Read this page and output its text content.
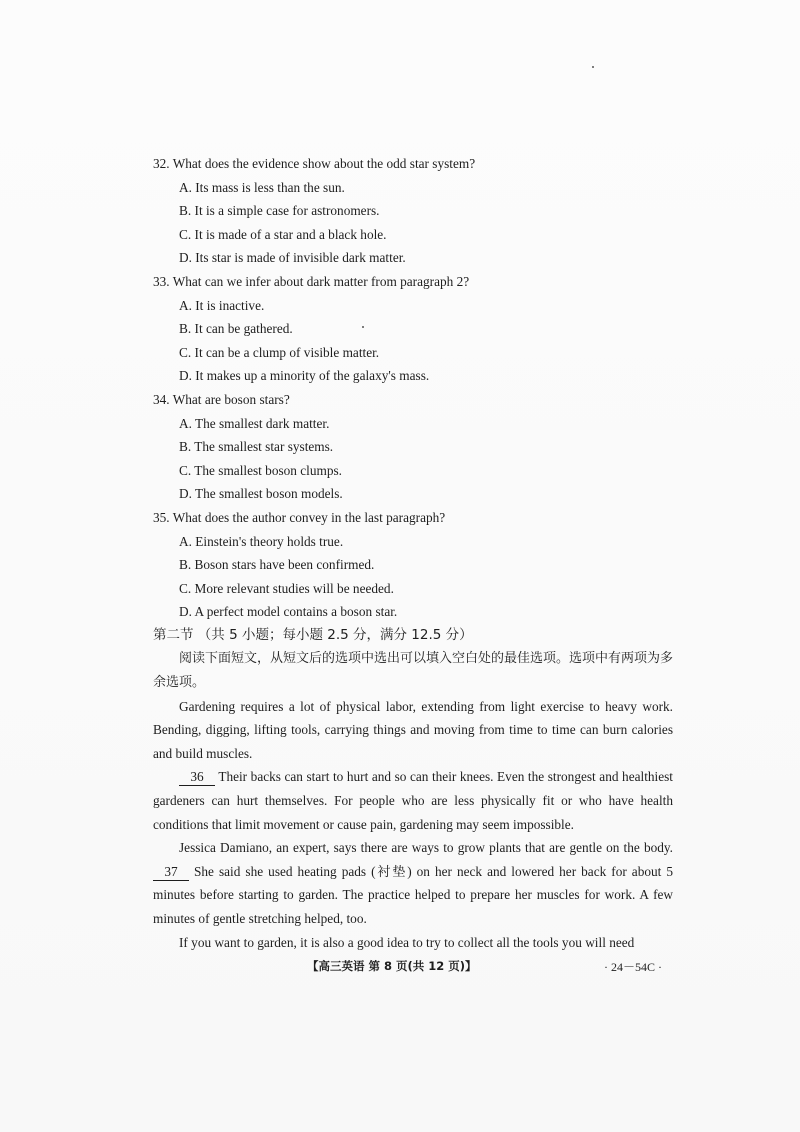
32. What does the evidence show about the odd star system?
A. Its mass is less than the sun.
B. It is a simple case for astronomers.
C. It is made of a star and a black hole.
D. Its star is made of invisible dark matter.
33. What can we infer about dark matter from paragraph 2?
A. It is inactive.
B. It can be gathered.
C. It can be a clump of visible matter.
D. It makes up a minority of the galaxy's mass.
34. What are boson stars?
A. The smallest dark matter.
B. The smallest star systems.
C. The smallest boson clumps.
D. The smallest boson models.
35. What does the author convey in the last paragraph?
A. Einstein's theory holds true.
B. Boson stars have been confirmed.
C. More relevant studies will be needed.
D. A perfect model contains a boson star.
第二节 （共 5 小题；每小题 2.5 分，满分 12.5 分）
阅读下面短文，从短文后的选项中选出可以填入空白处的最佳选项。选项中有两项为多余选项。
Gardening requires a lot of physical labor, extending from light exercise to heavy work. Bending, digging, lifting tools, carrying things and moving from time to time can burn calories and build muscles.
36 Their backs can start to hurt and so can their knees. Even the strongest and healthiest gardeners can hurt themselves. For people who are less physically fit or who have health conditions that limit movement or cause pain, gardening may seem impossible.
Jessica Damiano, an expert, says there are ways to grow plants that are gentle on the body. 37 She said she used heating pads (衬垫) on her neck and lowered her back for about 5 minutes before starting to garden. The practice helped to prepare her muscles for work. A few minutes of gentle stretching helped, too.
If you want to garden, it is also a good idea to try to collect all the tools you will need
【高三英语 第 8 页(共 12 页)】	· 24－54C ·
